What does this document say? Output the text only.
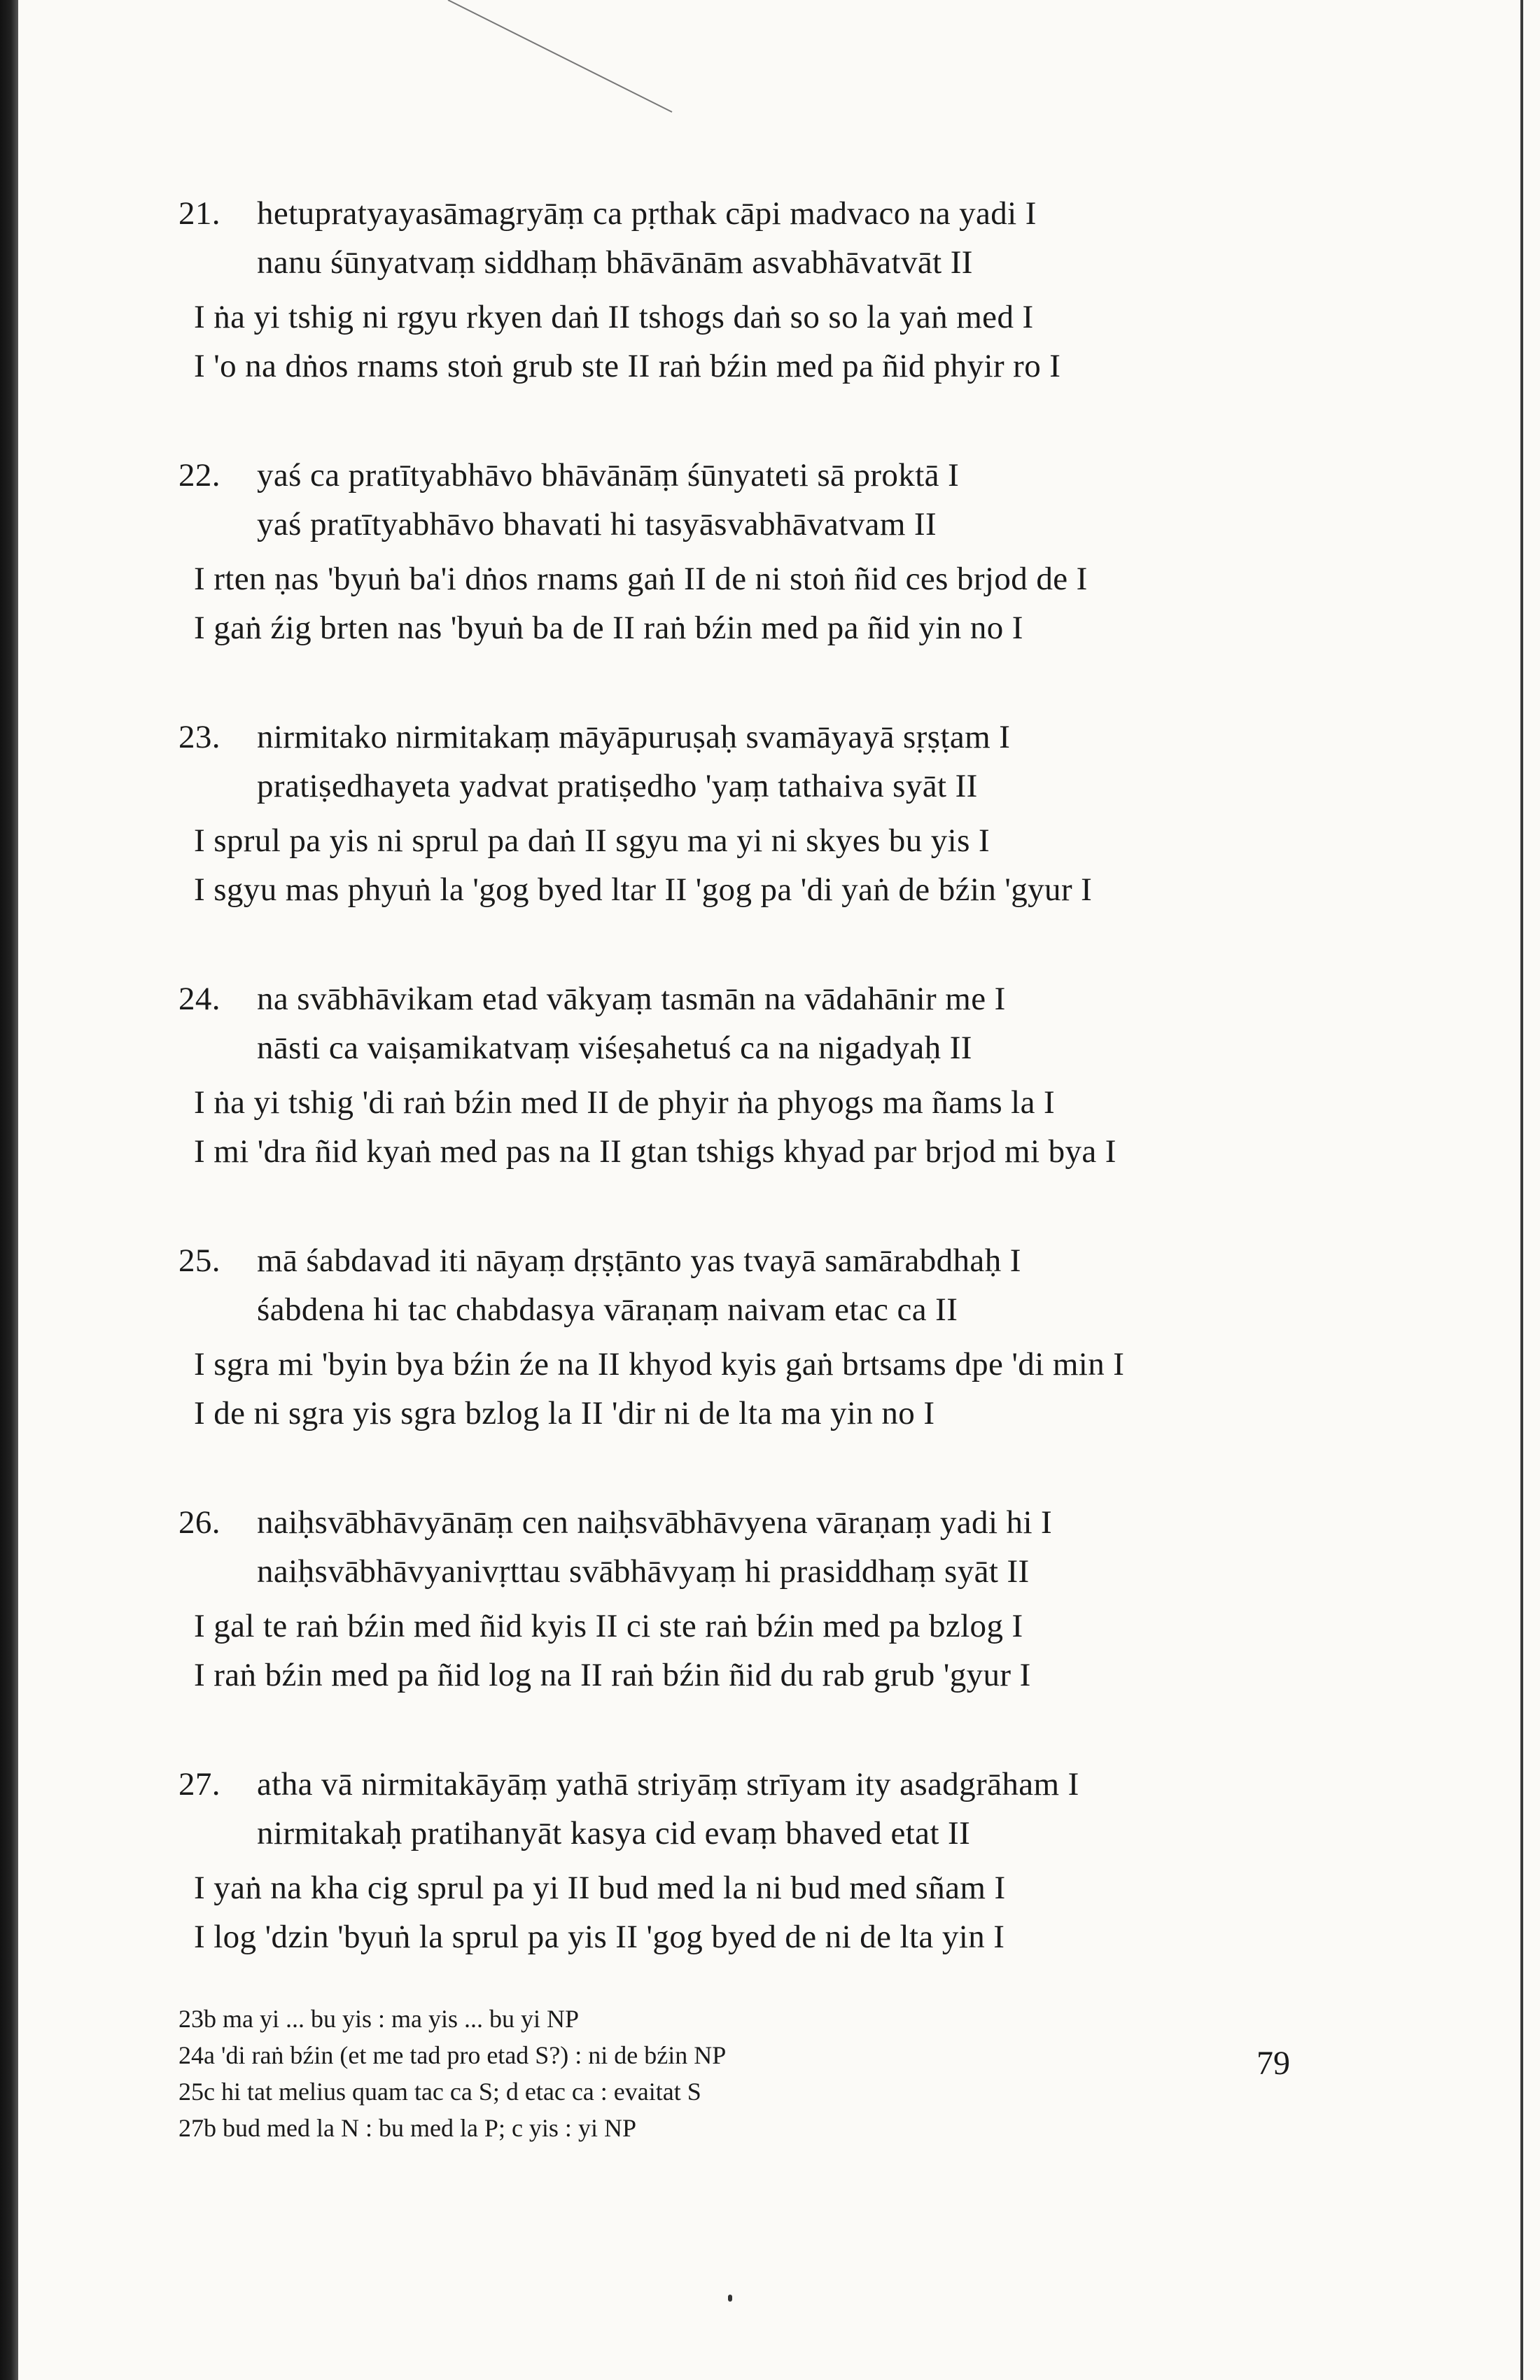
21. hetupratyayasāmagryāṃ ca pṛthak cāpi madvaco na yadi I
nanu śūnyatvaṃ siddhaṃ bhāvānām asvabhāvatvāt II
I ṅa yi tshig ni rgyu rkyen daṅ II tshogs daṅ so so la yaṅ med I
I 'o na dṅos rnams stoṅ grub ste II raṅ bźin med pa ñid phyir ro I
22. yaś ca pratītyabhāvo bhāvānāṃ śūnyateti sā proktā I
yaś pratītyabhāvo bhavati hi tasyāsvabhāvatvam II
I rten ṇas 'byuṅ ba'i dṅos rnams gaṅ II de ni stoṅ ñid ces brjod de I
I gaṅ źig brten nas 'byuṅ ba de II raṅ bźin med pa ñid yin no I
23. nirmitako nirmitakaṃ māyāpuruṣaḥ svamāyayā sṛṣṭam I
pratiṣedhayeta yadvat pratiṣedho 'yaṃ tathaiva syāt II
I sprul pa yis ni sprul pa daṅ II sgyu ma yi ni skyes bu yis I
I sgyu mas phyuṅ la 'gog byed ltar II 'gog pa 'di yaṅ de bźin 'gyur I
24. na svābhāvikam etad vākyaṃ tasmān na vādahānir me I
nāsti ca vaiṣamikatvaṃ viśeṣahetuś ca na nigadyaḥ II
I ṅa yi tshig 'di raṅ bźin med II de phyir ṅa phyogs ma ñams la I
I mi 'dra ñid kyaṅ med pas na II gtan tshigs khyad par brjod mi bya I
25. mā śabdavad iti nāyaṃ dṛṣṭānto yas tvayā samārabdhaḥ I
śabdena hi tac chabdasya vāraṇaṃ naivam etac ca II
I sgra mi 'byin bya bźin źe na II khyod kyis gaṅ brtsams dpe 'di min I
I de ni sgra yis sgra bzlog la II 'dir ni de lta ma yin no I
26. naiḥsvābhāvyānāṃ cen naiḥsvābhāvyena vāraṇaṃ yadi hi I
naiḥsvābhāvyanivṛttau svābhāvyaṃ hi prasiddhaṃ syāt II
I gal te raṅ bźin med ñid kyis II ci ste raṅ bźin med pa bzlog I
I raṅ bźin med pa ñid log na II raṅ bźin ñid du rab grub 'gyur I
27. atha vā nirmitakāyāṃ yathā striyāṃ strīyam ity asadgrāham I
nirmitakaḥ pratihanyāt kasya cid evaṃ bhaved etat II
I yaṅ na kha cig sprul pa yi II bud med la ni bud med sñam I
I log 'dzin 'byuṅ la sprul pa yis II 'gog byed de ni de lta yin I
23b ma yi ... bu yis : ma yis ... bu yi NP
24a 'di raṅ bźin (et me tad pro etad S?) : ni de bźin NP
25c hi tat melius quam tac ca S; d etac ca : evaitat S
27b bud med la N : bu med la P; c yis : yi NP
79
